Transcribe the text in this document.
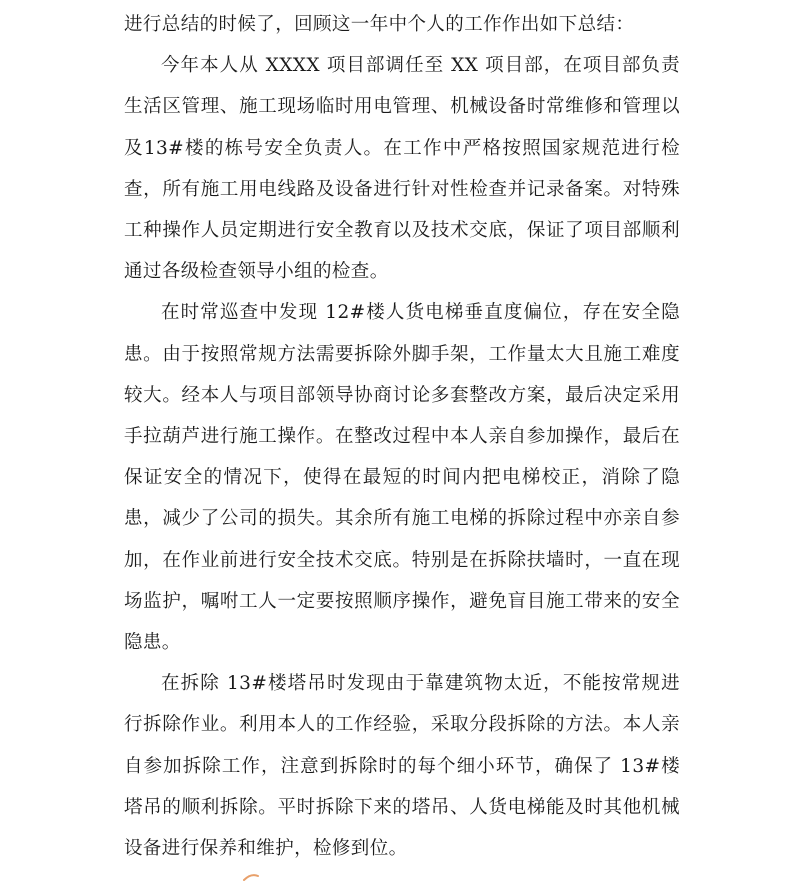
进行总结的时候了，回顾这一年中个人的工作作出如下总结：

今年本人从 XXXX 项目部调任至 XX 项目部，在项目部负责生活区管理、施工现场临时用电管理、机械设备时常维修和管理以及13#楼的栋号安全负责人。在工作中严格按照国家规范进行检查，所有施工用电线路及设备进行针对性检查并记录备案。对特殊工种操作人员定期进行安全教育以及技术交底，保证了项目部顺利通过各级检查领导小组的检查。

在时常巡查中发现 12#楼人货电梯垂直度偏位，存在安全隐患。由于按照常规方法需要拆除外脚手架，工作量太大且施工难度较大。经本人与项目部领导协商讨论多套整改方案，最后决定采用手拉葫芦进行施工操作。在整改过程中本人亲自参加操作，最后在保证安全的情况下，使得在最短的时间内把电梯校正，消除了隐患，减少了公司的损失。其余所有施工电梯的拆除过程中亦亲自参加，在作业前进行安全技术交底。特别是在拆除扶墙时，一直在现场监护，嘱咐工人一定要按照顺序操作，避免盲目施工带来的安全隐患。

在拆除 13#楼塔吊时发现由于靠建筑物太近，不能按常规进行拆除作业。利用本人的工作经验，采取分段拆除的方法。本人亲自参加拆除工作，注意到拆除时的每个细小环节，确保了 13#楼塔吊的顺利拆除。平时拆除下来的塔吊、人货电梯能及时其他机械设备进行保养和维护，检修到位。
